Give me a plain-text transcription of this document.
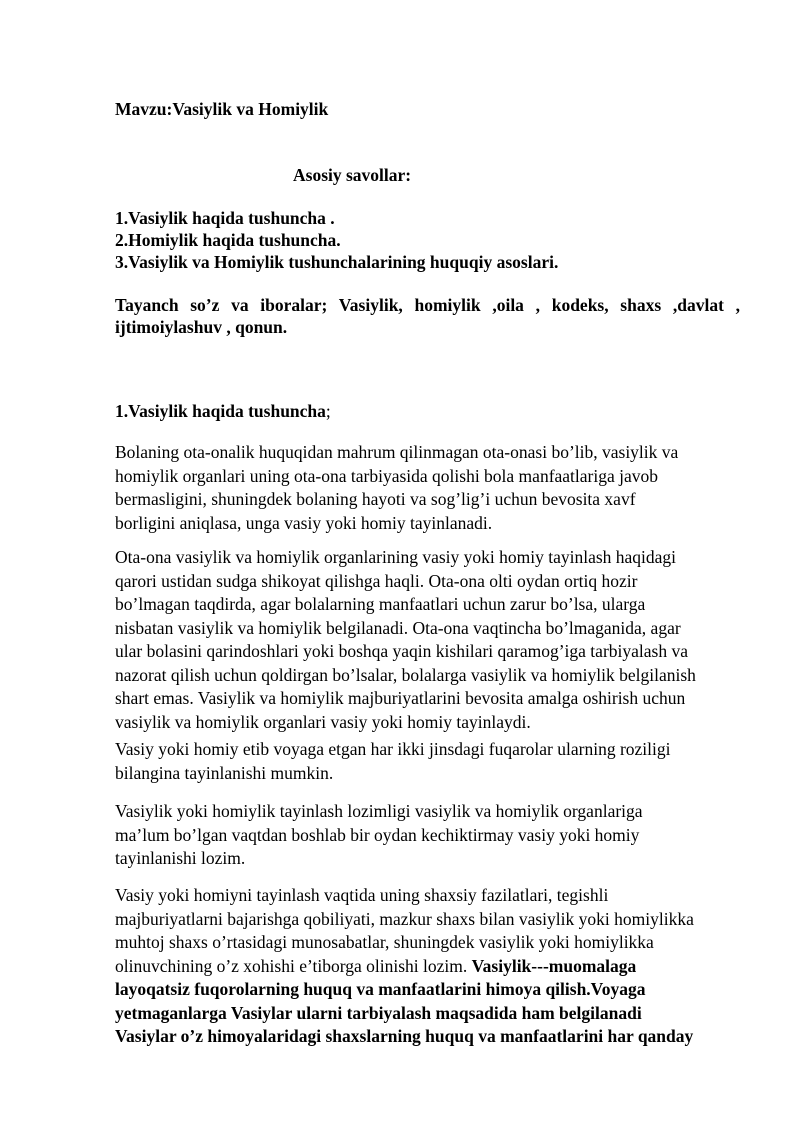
Mavzu:Vasiylik va Homiylik
Asosiy savollar:
1.Vasiylik haqida tushuncha .
2.Homiylik haqida tushuncha.
3.Vasiylik va Homiylik tushunchalarining huquqiy asoslari.
Tayanch so’z va iboralar; Vasiylik, homiylik ,oila , kodeks, shaxs ,davlat ,
ijtimoiylashuv , qonun.
1.Vasiylik haqida tushuncha;
Bolaning ota-onalik huquqidan mahrum qilinmagan ota-onasi bo’lib, vasiylik va
homiylik organlari uning ota-ona tarbiyasida qolishi bola manfaatlariga javob
bermasligini, shuningdek bolaning hayoti va sog’lig’i uchun bevosita xavf
borligini aniqlasa, unga vasiy yoki homiy tayinlanadi.
Ota-ona vasiylik va homiylik organlarining vasiy yoki homiy tayinlash haqidagi
qarori ustidan sudga shikoyat qilishga haqli. Ota-ona olti oydan ortiq hozir
bo’lmagan taqdirda, agar bolalarning manfaatlari uchun zarur bo’lsa, ularga
nisbatan vasiylik va homiylik belgilanadi. Ota-ona vaqtincha bo’lmaganida, agar
ular bolasini qarindoshlari yoki boshqa yaqin kishilari qaramog’iga tarbiyalash va
nazorat qilish uchun qoldirgan bo’lsalar, bolalarga vasiylik va homiylik belgilanish
shart emas. Vasiylik va homiylik majburiyatlarini bevosita amalga oshirish uchun
vasiylik va homiylik organlari vasiy yoki homiy tayinlaydi.
Vasiy yoki homiy etib voyaga etgan har ikki jinsdagi fuqarolar ularning roziligi
bilangina tayinlanishi mumkin.
Vasiylik yoki homiylik tayinlash lozimligi vasiylik va homiylik organlariga
ma’lum bo’lgan vaqtdan boshlab bir oydan kechiktirmay vasiy yoki homiy
tayinlanishi lozim.
Vasiy yoki homiyni tayinlash vaqtida uning shaxsiy fazilatlari, tegishli
majburiyatlarni bajarishga qobiliyati, mazkur shaxs bilan vasiylik yoki homiylikka
muhtoj shaxs o’rtasidagi munosabatlar, shuningdek vasiylik yoki homiylikka
olinuvchining o’z xohishi e’tiborga olinishi lozim. Vasiylik---muomalaga
layoqatsiz fuqorolarning huquq va manfaatlarini himoya qilish.Voyaga
yetmaganlarga Vasiylar ularni tarbiyalash maqsadida ham belgilanadi
Vasiylar o’z himoyalaridagi shaxslarning huquq va manfaatlarini har qanday
